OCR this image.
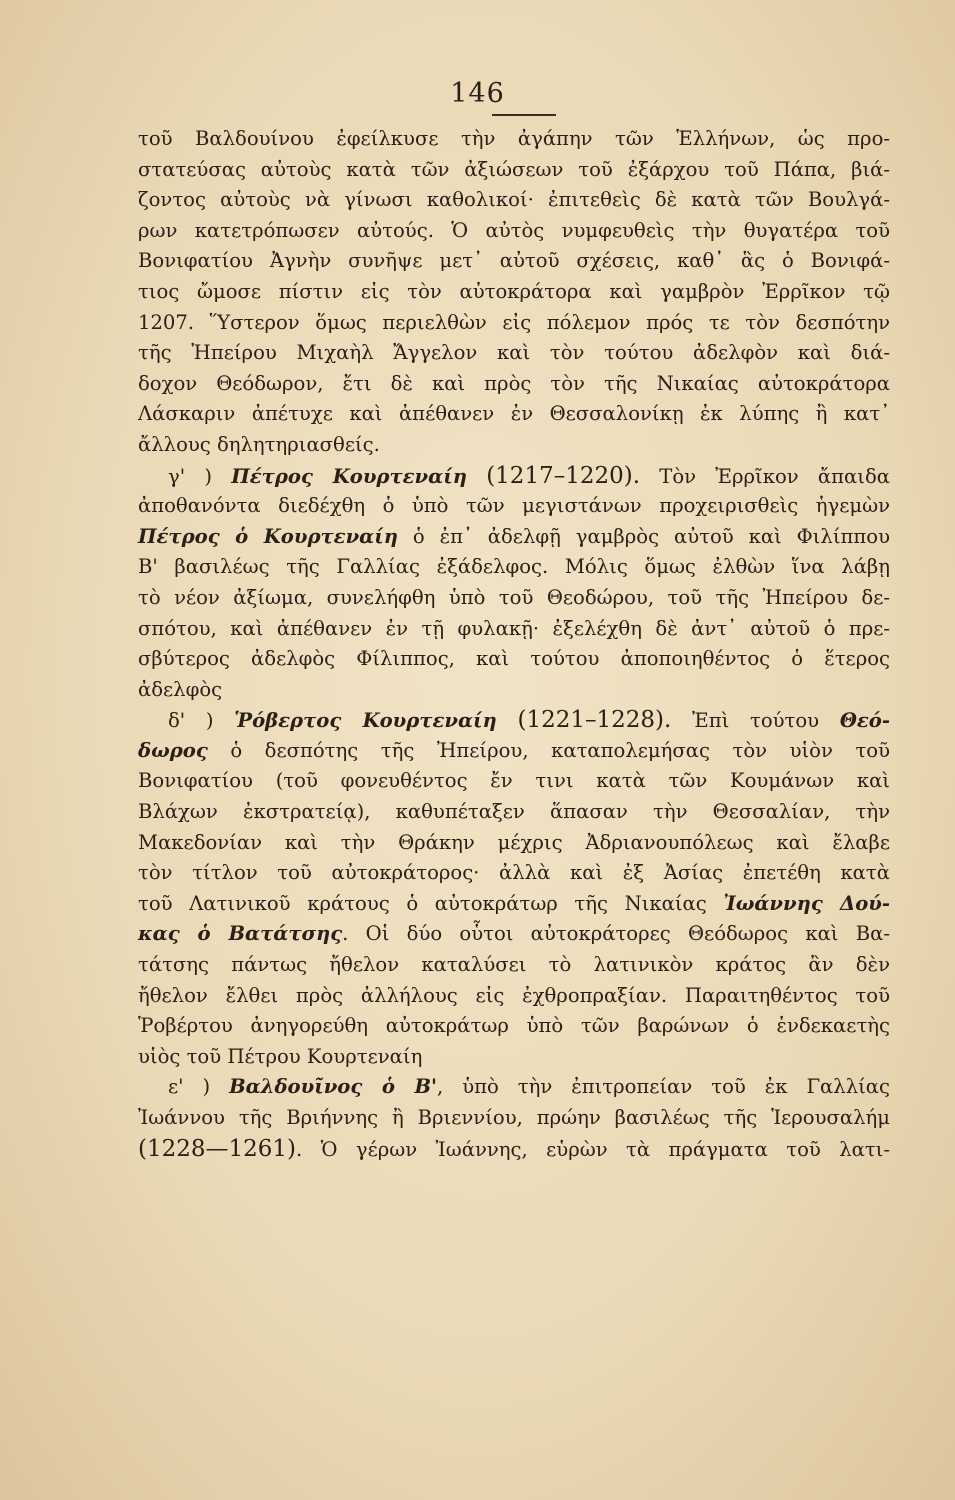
146
τοῦ Βαλδουίνου ἐφείλκυσε τὴν ἀγάπην τῶν Ἑλλήνων, ὡς προ-
στατεύσας αὐτοὺς κατὰ τῶν ἀξιώσεων τοῦ ἐξάρχου τοῦ Πάπα, βιά-
ζοντος αὐτοὺς νὰ γίνωσι καθολικοί· ἐπιτεθεὶς δὲ κατὰ τῶν Βουλγά-
ρων κατετρόπωσεν αὐτούς. Ὁ αὐτὸς νυμφευθεὶς τὴν θυγατέρα τοῦ
Βονιφατίου Ἀγνὴν συνῆψε μετ᾽ αὐτοῦ σχέσεις, καθ᾽ ἃς ὁ Βονιφά-
τιος ὤμοσε πίστιν εἰς τὸν αὐτοκράτορα καὶ γαμβρὸν Ἐρρῖκον τῷ
1207. Ὕστερον ὅμως περιελθὼν εἰς πόλεμον πρός τε τὸν δεσπότην
τῆς Ἠπείρου Μιχαὴλ Ἄγγελον καὶ τὸν τούτου ἀδελφὸν καὶ διά-
δοχον Θεόδωρον, ἔτι δὲ καὶ πρὸς τὸν τῆς Νικαίας αὐτοκράτορα
Λάσκαριν ἀπέτυχε καὶ ἀπέθανεν ἐν Θεσσαλονίκῃ ἐκ λύπης ἢ κατ᾽
ἄλλους δηλητηριασθείς.
γ' ) Πέτρος Κουρτεναίη (1217–1220). Τὸν Ἐρρῖκον ἄπαιδα
ἀποθανόντα διεδέχθη ὁ ὑπὸ τῶν μεγιστάνων προχειρισθεὶς ἡγεμὼν
Πέτρος ὁ Κουρτεναίη ὁ ἐπ᾽ ἀδελφῇ γαμβρὸς αὐτοῦ καὶ Φιλίππου
Β' βασιλέως τῆς Γαλλίας ἐξάδελφος. Μόλις ὅμως ἐλθὼν ἵνα λάβῃ
τὸ νέον ἀξίωμα, συνελήφθη ὑπὸ τοῦ Θεοδώρου, τοῦ τῆς Ἠπείρου δε-
σπότου, καὶ ἀπέθανεν ἐν τῇ φυλακῇ· ἐξελέχθη δὲ ἀντ᾽ αὐτοῦ ὁ πρε-
σβύτερος ἀδελφὸς Φίλιππος, καὶ τούτου ἀποποιηθέντος ὁ ἕτερος
ἀδελφὸς
δ' ) Ῥόβερτος Κουρτεναίη (1221–1228). Ἐπὶ τούτου Θεό-
δωρος ὁ δεσπότης τῆς Ἠπείρου, καταπολεμήσας τὸν υἱὸν τοῦ
Βονιφατίου (τοῦ φονευθέντος ἔν τινι κατὰ τῶν Κουμάνων καὶ
Βλάχων ἐκστρατείᾳ), καθυπέταξεν ἅπασαν τὴν Θεσσαλίαν, τὴν
Μακεδονίαν καὶ τὴν Θράκην μέχρις Ἀδριανουπόλεως καὶ ἔλαβε
τὸν τίτλον τοῦ αὐτοκράτορος· ἀλλὰ καὶ ἐξ Ἀσίας ἐπετέθη κατὰ
τοῦ Λατινικοῦ κράτους ὁ αὐτοκράτωρ τῆς Νικαίας Ἰωάννης Δού-
κας ὁ Βατάτσης. Οἱ δύο οὗτοι αὐτοκράτορες Θεόδωρος καὶ Βα-
τάτσης πάντως ἤθελον καταλύσει τὸ λατινικὸν κράτος ἂν δὲν
ἤθελον ἔλθει πρὸς ἀλλήλους εἰς ἐχθροπραξίαν. Παραιτηθέντος τοῦ
Ῥοβέρτου ἀνηγορεύθη αὐτοκράτωρ ὑπὸ τῶν βαρώνων ὁ ἑνδεκαετὴς
υἱὸς τοῦ Πέτρου Κουρτεναίη
ε' ) Βαλδουῖνος ὁ Β', ὑπὸ τὴν ἐπιτροπείαν τοῦ ἐκ Γαλλίας
Ἰωάννου τῆς Βριήννης ἢ Βριεννίου, πρώην βασιλέως τῆς Ἱερουσαλήμ
(1228—1261). Ὁ γέρων Ἰωάννης, εὑρὼν τὰ πράγματα τοῦ λατι-
